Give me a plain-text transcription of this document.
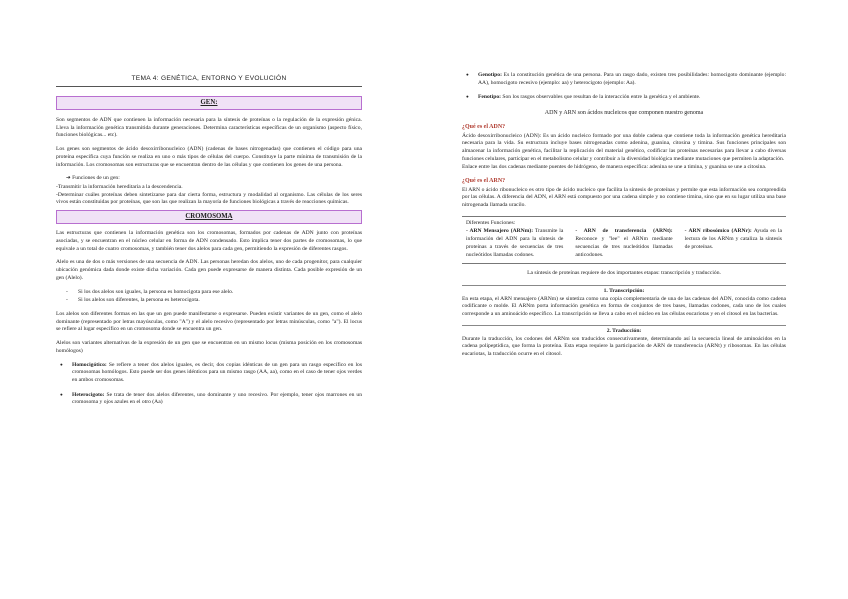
TEMA 4: GENÉTICA, ENTORNO Y EVOLUCIÓN
GEN:

Son segmentos de ADN que contienen la información necesaria para la síntesis de proteínas o la regulación de la expresión génica. Lleva la información genética transmitida durante generaciones. Determina características específicas de un organismo (aspecto físico, funciones biológicas... etc).

Los genes son segmentos de ácido desoxirribonucleico (ADN) (cadenas de bases nitrogenadas) que contienen el código para una proteína específica cuya función se realiza en uno o más tipos de células del cuerpo. Constituye la parte mínima de transmisión de la información. Los cromosomas son estructuras que se encuentran dentro de las células y que contienen los genes de una persona.

➔ Funciones de un gen:

-Transmitir la información hereditaria a la descendencia.
-Determinar cuáles proteínas deben sintetizarse para dar cierta forma, estructura y modalidad al organismo. Las células de los seres vivos están constituidas por proteínas, que son las que realizan la mayoría de funciones biológicas a través de reacciones químicas.
CROMOSOMA

Las estructuras que contienen la información genética son los cromosomas, formados por cadenas de ADN junto con proteínas asociadas, y se encuentran en el núcleo celular en forma de ADN condensado. Esto implica tener dos partes de cromosomas, lo que equivale a un total de cuatro cromosomas, y también tener dos alelos para cada gen, permitiendo la expresión de diferentes rasgos.

Alelo es una de dos o más versiones de una secuencia de ADN. Las personas heredan dos alelos, uno de cada progenitor, para cualquier ubicación genómica dada donde existe dicha variación. Cada gen puede expresarse de manera distinta. Cada posible expresión de un gen (Alelo).

- Si los dos alelos son iguales, la persona es homocigota para ese alelo.
- Si los alelos son diferentes, la persona es heterocigota.

Los alelos son diferentes formas en las que un gen puede manifestarse o expresarse. Pueden existir variantes de un gen, como el alelo dominante (representado por letras mayúsculas, como "A") y el alelo recesivo (representado por letras minúsculas, como "a"). El locus se refiere al lugar específico en un cromosoma donde se encuentra un gen.

Alelos son variantes alternativas de la expresión de un gen que se encuentran en un mismo locus (misma posición en los cromosomas homólogos)

● Homocigótico: Se refiere a tener dos alelos iguales, es decir, dos copias idénticas de un gen para un rasgo específico en los cromosomas homólogos. Esto puede ser dos genes idénticos para un mismo rasgo (AA, aa), como en el caso de tener ojos verdes en ambos cromosomas.
● Heterocigoto: Se trata de tener dos alelos diferentes, uno dominante y uno recesivo. Por ejemplo, tener ojos marrones en un cromosoma y ojos azules en el otro (Aa)
● Genotipo: Es la constitución genética de una persona. Para un rasgo dado, existen tres posibilidades: homocigoto dominante (ejemplo: AA), homocigoto recesivo (ejemplo: aa) y heterocigoto (ejemplo: Aa).
● Fenotipo: Son los rasgos observables que resultan de la interacción entre la genética y el ambiente.

ADN y ARN son ácidos nucleicos que componen nuestro genoma

¿Qué es el ADN?

Ácido desoxirribonucleico (ADN): Es un ácido nucleico formado por una doble cadena que contiene toda la información genética hereditaria necesaria para la vida. Su estructura incluye bases nitrogenadas como adenina, guanina, citosina y timina. Sus funciones principales son almacenar la información genética, facilitar la replicación del material genético, codificar las proteínas necesarias para llevar a cabo diversas funciones celulares, participar en el metabolismo celular y contribuir a la diversidad biológica mediante mutaciones que permiten la adaptación.

Enlace entre las dos cadenas mediante puentes de hidrógeno, de manera específica: adenina se une a timina, y guanina se une a citosina.

¿Qué es el ARN?

El ARN o ácido ribonucleico es otro tipo de ácido nucleico que facilita la síntesis de proteínas y permite que esta información sea comprendida por las células. A diferencia del ADN, el ARN está compuesto por una cadena simple y no contiene timina, sino que en su lugar utiliza una base nitrogenada llamada uracilo.

Diferentes Funciones:
- ARN Mensajero (ARNm): Transmite la información del ADN para la síntesis de proteínas a través de secuencias de tres nucleótidos llamadas codones.
- ARN de transferencia (ARNt): Reconoce y "lee" el ARNm mediante secuencias de tres nucleótidos llamadas anticodones.
- ARN ribosómico (ARNr): Ayuda en la lectura de los ARNm y cataliza la síntesis de proteínas.

La síntesis de proteínas requiere de dos importantes etapas: transcripción y traducción.

1. Transcripción:

En esta etapa, el ARN mensajero (ARNm) se sintetiza como una copia complementaria de una de las cadenas del ADN, conocida como cadena codificante o molde. El ARNm porta información genética en forma de conjuntos de tres bases, llamadas codones, cada uno de los cuales corresponde a un aminoácido específico. La transcripción se lleva a cabo en el núcleo en las células eucariotas y en el citosol en las bacterias.

2. Traducción:

Durante la traducción, los codones del ARNm son traducidos consecutivamente, determinando así la secuencia lineal de aminoácidos en la cadena polipeptídica, que forma la proteína. Esta etapa requiere la participación de ARN de transferencia (ARNt) y ribosomas. En las células eucariotas, la traducción ocurre en el citosol.
